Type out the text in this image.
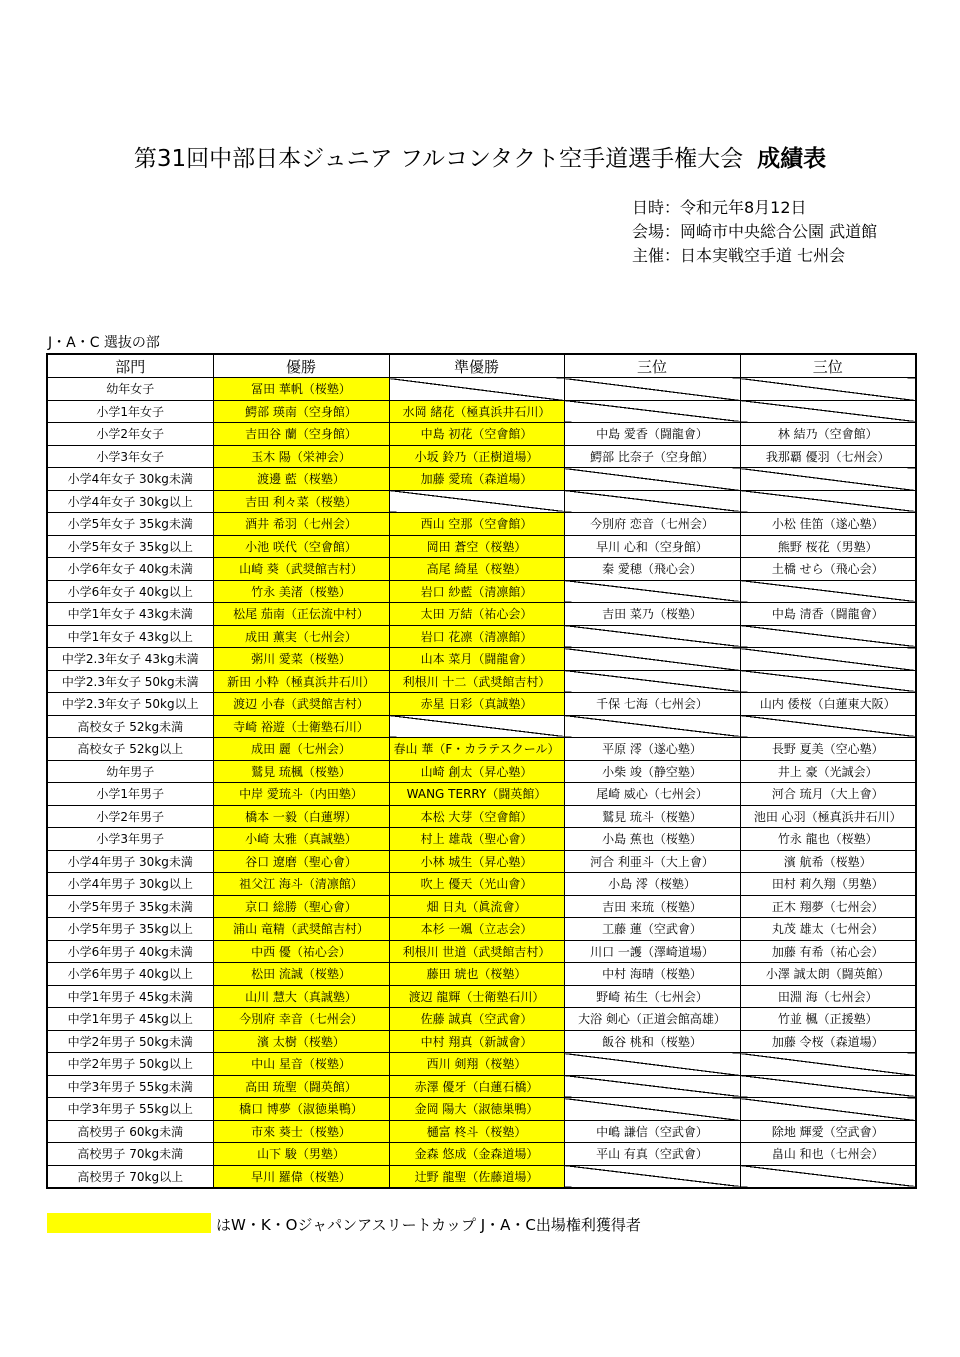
第31回中部日本ジュニア フルコンタクト空手道選手権大会 成績表
日時：令和元年8月12日
会場：岡崎市中央総合公園 武道館
主催：日本実戦空手道 七州会
J・A・C 選抜の部
部門	優勝	準優勝	三位	三位
幼年女子	冨田 華帆（桜塾）			
小学1年女子	鰐部 瑛南（空身館）	水岡 緒花（極真浜井石川）		
小学2年女子	吉田谷 蘭（空身館）	中島 初花（空會館）	中島 愛香（闘龍會）	林 結乃（空會館）
小学3年女子	玉木 陽（栄神会）	小坂 鈴乃（正樹道場）	鰐部 比奈子（空身館）	我那覇 優羽（七州会）
小学4年女子 30kg未満	渡邊 藍（桜塾）	加藤 愛琉（森道場）		
小学4年女子 30kg以上	吉田 利々菜（桜塾）			
小学5年女子 35kg未満	酒井 希羽（七州会）	西山 空那（空會館）	今別府 恋音（七州会）	小松 佳笛（遂心塾）
小学5年女子 35kg以上	小池 咲代（空會館）	岡田 蒼空（桜塾）	早川 心和（空身館）	熊野 桜花（男塾）
小学6年女子 40kg未満	山崎 葵（武奨館吉村）	高尾 綺星（桜塾）	秦 愛穂（飛心会）	土橋 せら（飛心会）
小学6年女子 40kg以上	竹永 美渚（桜塾）	岩口 紗藍（清凛館）		
中学1年女子 43kg未満	松尾 茄南（正伝流中村）	太田 万結（祐心会）	吉田 菜乃（桜塾）	中島 清香（闘龍會）
中学1年女子 43kg以上	成田 薫実（七州会）	岩口 花凛（清凛館）		
中学2.3年女子 43kg未満	粥川 愛菜（桜塾）	山本 菜月（闘龍會）		
中学2.3年女子 50kg未満	新田 小粋（極真浜井石川）	利根川 十二（武奨館吉村）		
中学2.3年女子 50kg以上	渡辺 小春（武奨館吉村）	赤星 日彩（真誠塾）	千保 七海（七州会）	山内 倭桜（白蓮東大阪）
高校女子 52kg未満	寺崎 裕遊（士衛塾石川）			
高校女子 52kg以上	成田 麗（七州会）	春山 華（F・カラテスクール）	平原 澪（遂心塾）	長野 夏美（空心塾）
幼年男子	鷲見 琉楓（桜塾）	山崎 創太（昇心塾）	小柴 竣（静空塾）	井上 豪（光誠会）
小学1年男子	中岸 愛琉斗（内田塾）	WANG TERRY（闘英館）	尾崎 威心（七州会）	河合 琉月（大上會）
小学2年男子	橋本 一毅（白蓮堺）	本松 大芽（空會館）	鷲見 琉斗（桜塾）	池田 心羽（極真浜井石川）
小学3年男子	小崎 太雅（真誠塾）	村上 雄哉（聖心會）	小島 蕉也（桜塾）	竹永 龍也（桜塾）
小学4年男子 30kg未満	谷口 遼磨（聖心會）	小林 城生（昇心塾）	河合 利亜斗（大上會）	濱 航希（桜塾）
小学4年男子 30kg以上	祖父江 海斗（清凛館）	吹上 優天（光山會）	小島 澪（桜塾）	田村 莉久翔（男塾）
小学5年男子 35kg未満	京口 総勝（聖心會）	畑 日丸（眞流會）	吉田 来琉（桜塾）	正木 翔夢（七州会）
小学5年男子 35kg以上	浦山 竜精（武奨館吉村）	本杉 一颯（立志会）	工藤 蓮（空武會）	丸茂 雄太（七州会）
小学6年男子 40kg未満	中西 優（祐心会）	利根川 世道（武奨館吉村）	川口 一護（澤崎道場）	加藤 有希（祐心会）
小学6年男子 40kg以上	松田 流誠（桜塾）	藤田 琥也（桜塾）	中村 海晴（桜塾）	小澤 誠太朗（闘英館）
中学1年男子 45kg未満	山川 慧大（真誠塾）	渡辺 龍輝（士衛塾石川）	野崎 祐生（七州会）	田淵 海（七州会）
中学1年男子 45kg以上	今別府 幸音（七州会）	佐藤 誠真（空武會）	大浴 剣心（正道会館高雄）	竹並 楓（正援塾）
中学2年男子 50kg未満	濱 太樹（桜塾）	中村 翔真（新誠會）	飯谷 桃和（桜塾）	加藤 令桜（森道場）
中学2年男子 50kg以上	中山 星音（桜塾）	西川 剣翔（桜塾）		
中学3年男子 55kg未満	高田 琉聖（闘英館）	赤澤 優牙（白蓮石橋）		
中学3年男子 55kg以上	橋口 博夢（淑徳巣鴨）	金岡 陽大（淑徳巣鴨）		
高校男子 60kg未満	市來 葵士（桜塾）	樋富 柊斗（桜塾）	中嶋 謙信（空武會）	除地 輝愛（空武會）
高校男子 70kg未満	山下 駿（男塾）	金森 悠成（金森道場）	平山 有真（空武會）	畠山 和也（七州会）
高校男子 70kg以上	早川 羅偉（桜塾）	辻野 龍聖（佐藤道場）		
はW・K・Oジャパンアスリートカップ J・A・C出場権利獲得者
